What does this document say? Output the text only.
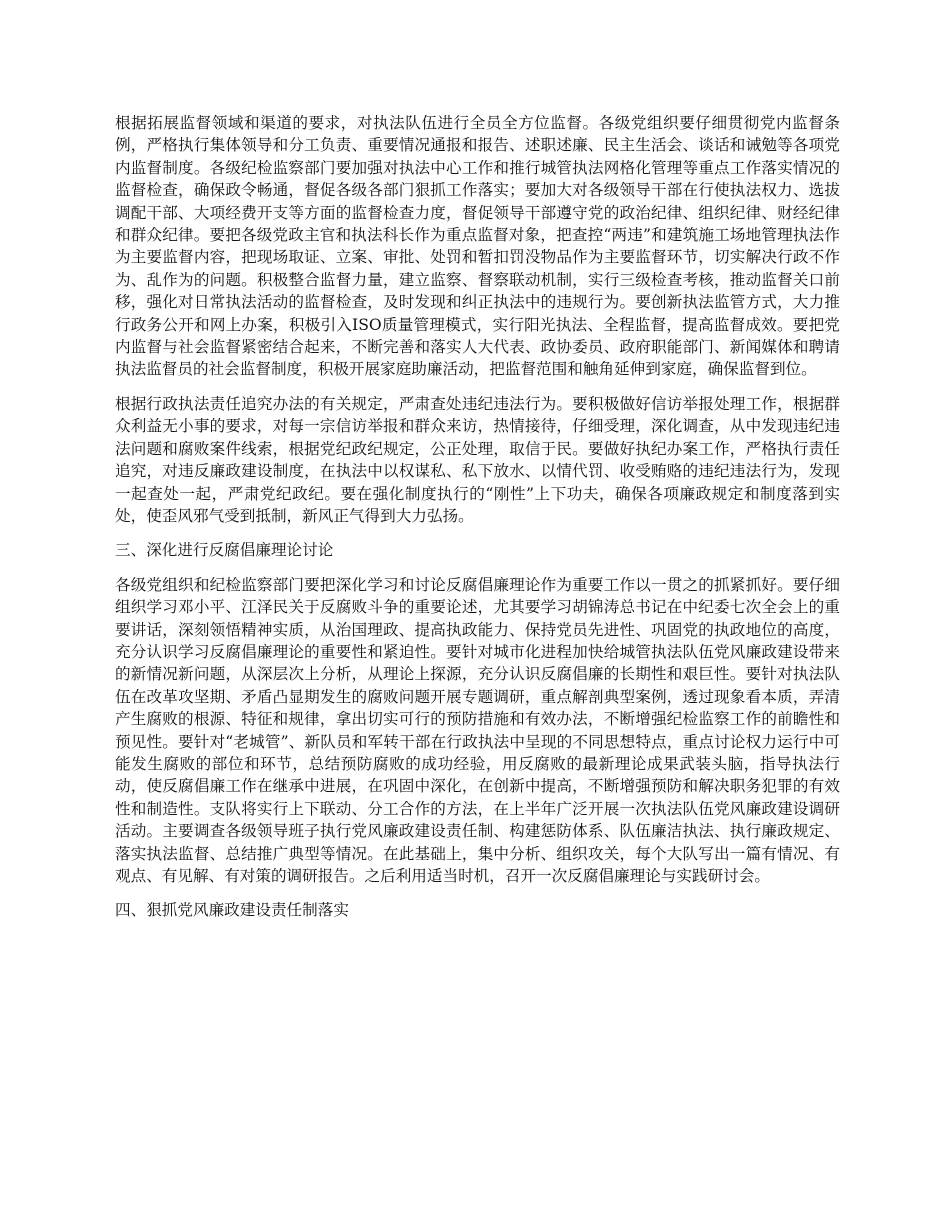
根据拓展监督领域和渠道的要求，对执法队伍进行全员全方位监督。各级党组织要仔细贯彻党内监督条例，严格执行集体领导和分工负责、重要情况通报和报告、述职述廉、民主生活会、谈话和诫勉等各项党内监督制度。各级纪检监察部门要加强对执法中心工作和推行城管执法网格化管理等重点工作落实情况的监督检查，确保政令畅通，督促各级各部门狠抓工作落实；要加大对各级领导干部在行使执法权力、选拔调配干部、大项经费开支等方面的监督检查力度，督促领导干部遵守党的政治纪律、组织纪律、财经纪律和群众纪律。要把各级党政主官和执法科长作为重点监督对象，把查控“两违”和建筑施工场地管理执法作为主要监督内容，把现场取证、立案、审批、处罚和暂扣罚没物品作为主要监督环节，切实解决行政不作为、乱作为的问题。积极整合监督力量，建立监察、督察联动机制，实行三级检查考核，推动监督关口前移，强化对日常执法活动的监督检查，及时发现和纠正执法中的违规行为。要创新执法监管方式，大力推行政务公开和网上办案，积极引入ISO质量管理模式，实行阳光执法、全程监督，提高监督成效。要把党内监督与社会监督紧密结合起来，不断完善和落实人大代表、政协委员、政府职能部门、新闻媒体和聘请执法监督员的社会监督制度，积极开展家庭助廉活动，把监督范围和触角延伸到家庭，确保监督到位。

根据行政执法责任追究办法的有关规定，严肃查处违纪违法行为。要积极做好信访举报处理工作，根据群众利益无小事的要求，对每一宗信访举报和群众来访，热情接待，仔细受理，深化调查，从中发现违纪违法问题和腐败案件线索，根据党纪政纪规定，公正处理，取信于民。要做好执纪办案工作，严格执行责任追究，对违反廉政建设制度，在执法中以权谋私、私下放水、以情代罚、收受贿赂的违纪违法行为，发现一起查处一起，严肃党纪政纪。要在强化制度执行的“刚性”上下功夫，确保各项廉政规定和制度落到实处，使歪风邪气受到抵制，新风正气得到大力弘扬。

三、深化进行反腐倡廉理论讨论

各级党组织和纪检监察部门要把深化学习和讨论反腐倡廉理论作为重要工作以一贯之的抓紧抓好。要仔细组织学习邓小平、江泽民关于反腐败斗争的重要论述，尤其要学习胡锦涛总书记在中纪委七次全会上的重要讲话，深刻领悟精神实质，从治国理政、提高执政能力、保持党员先进性、巩固党的执政地位的高度，充分认识学习反腐倡廉理论的重要性和紧迫性。要针对城市化进程加快给城管执法队伍党风廉政建设带来的新情况新问题，从深层次上分析，从理论上探源，充分认识反腐倡廉的长期性和艰巨性。要针对执法队伍在改革攻坚期、矛盾凸显期发生的腐败问题开展专题调研，重点解剖典型案例，透过现象看本质，弄清产生腐败的根源、特征和规律，拿出切实可行的预防措施和有效办法，不断增强纪检监察工作的前瞻性和预见性。要针对“老城管”、新队员和军转干部在行政执法中呈现的不同思想特点，重点讨论权力运行中可能发生腐败的部位和环节，总结预防腐败的成功经验，用反腐败的最新理论成果武装头脑，指导执法行动，使反腐倡廉工作在继承中进展，在巩固中深化，在创新中提高，不断增强预防和解决职务犯罪的有效性和制造性。支队将实行上下联动、分工合作的方法，在上半年广泛开展一次执法队伍党风廉政建设调研活动。主要调查各级领导班子执行党风廉政建设责任制、构建惩防体系、队伍廉洁执法、执行廉政规定、落实执法监督、总结推广典型等情况。在此基础上，集中分析、组织攻关，每个大队写出一篇有情况、有观点、有见解、有对策的调研报告。之后利用适当时机，召开一次反腐倡廉理论与实践研讨会。

四、狠抓党风廉政建设责任制落实
